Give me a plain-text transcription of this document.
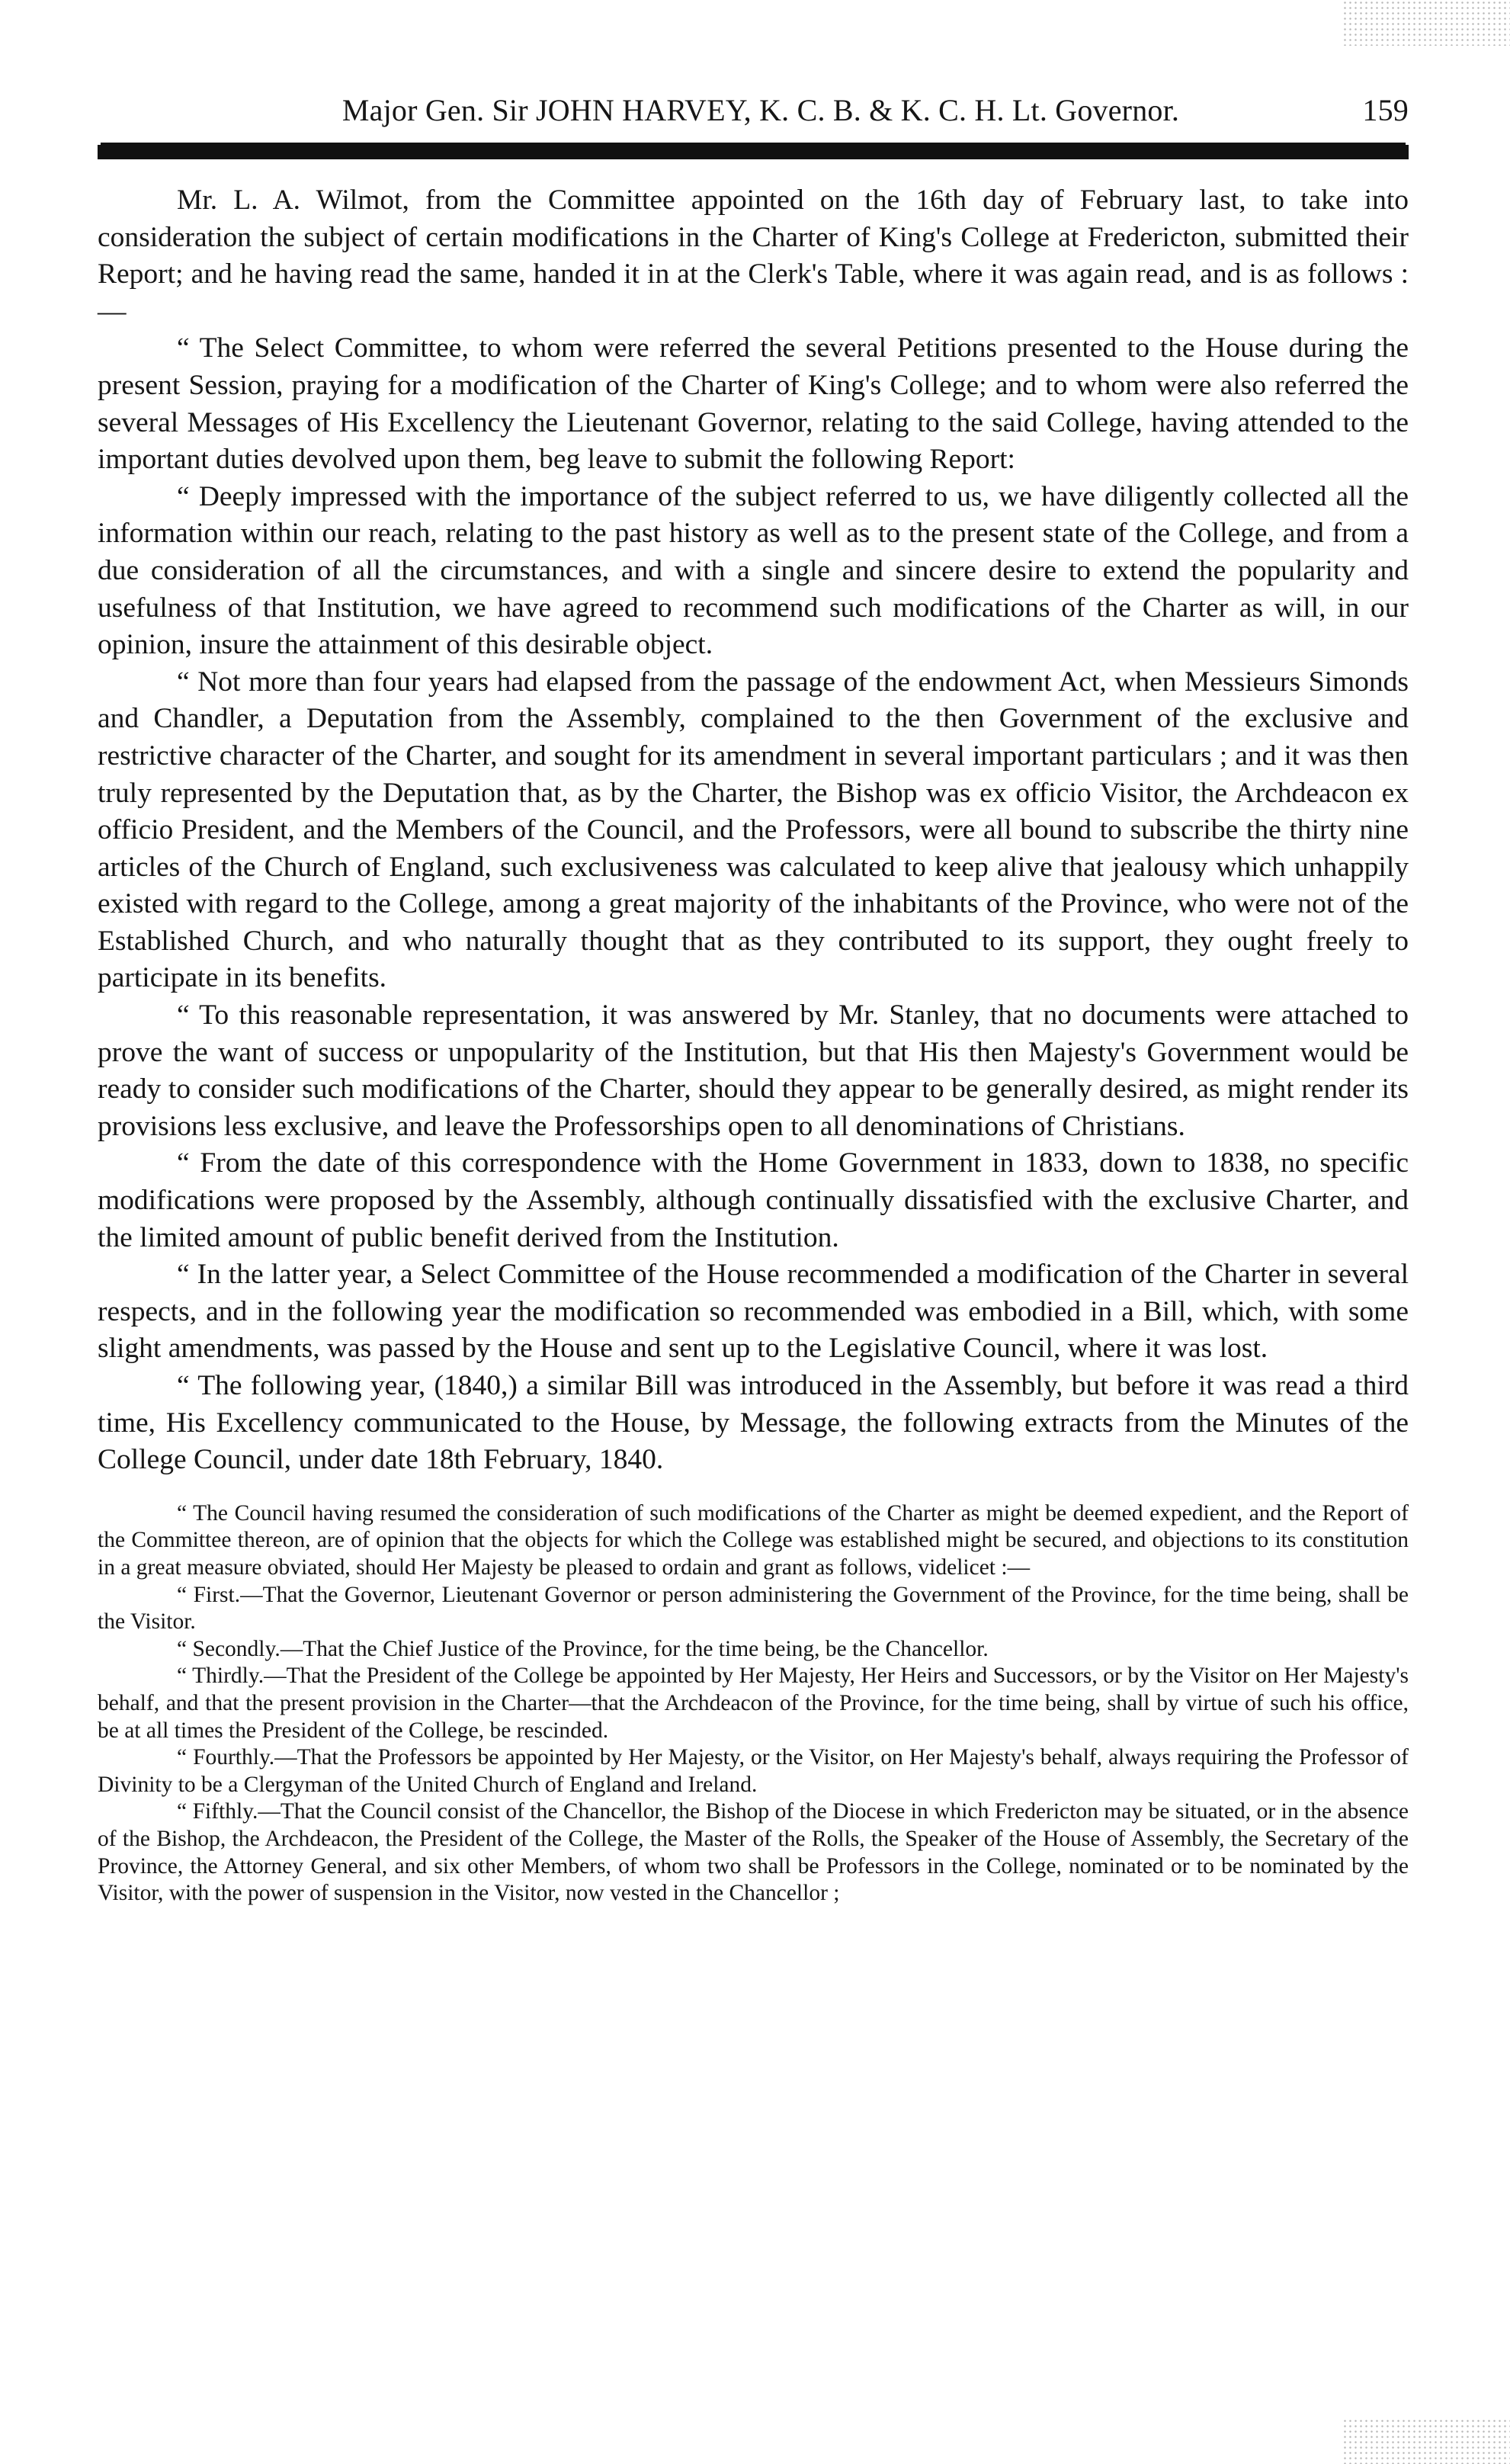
Major Gen. Sir JOHN HARVEY, K. C. B. & K. C. H. Lt. Governor.	159

Mr. L. A. Wilmot, from the Committee appointed on the 16th day of February last, to take into consideration the subject of certain modifications in the Charter of King's College at Fredericton, submitted their Report; and he having read the same, handed it in at the Clerk's Table, where it was again read, and is as follows :—

“ The Select Committee, to whom were referred the several Petitions presented to the House during the present Session, praying for a modification of the Charter of King's College; and to whom were also referred the several Messages of His Excellency the Lieutenant Governor, relating to the said College, having attended to the important duties devolved upon them, beg leave to submit the following Report:

“ Deeply impressed with the importance of the subject referred to us, we have diligently collected all the information within our reach, relating to the past history as well as to the present state of the College, and from a due consideration of all the circumstances, and with a single and sincere desire to extend the popularity and usefulness of that Institution, we have agreed to recommend such modifications of the Charter as will, in our opinion, insure the attainment of this desirable object.

“ Not more than four years had elapsed from the passage of the endowment Act, when Messieurs Simonds and Chandler, a Deputation from the Assembly, complained to the then Government of the exclusive and restrictive character of the Charter, and sought for its amendment in several important particulars ; and it was then truly represented by the Deputation that, as by the Charter, the Bishop was ex officio Visitor, the Archdeacon ex officio President, and the Members of the Council, and the Professors, were all bound to subscribe the thirty nine articles of the Church of England, such exclusiveness was calculated to keep alive that jealousy which unhappily existed with regard to the College, among a great majority of the inhabitants of the Province, who were not of the Established Church, and who naturally thought that as they contributed to its support, they ought freely to participate in its benefits.

“ To this reasonable representation, it was answered by Mr. Stanley, that no documents were attached to prove the want of success or unpopularity of the Institution, but that His then Majesty's Government would be ready to consider such modifications of the Charter, should they appear to be generally desired, as might render its provisions less exclusive, and leave the Professorships open to all denominations of Christians.

“ From the date of this correspondence with the Home Government in 1833, down to 1838, no specific modifications were proposed by the Assembly, although continually dissatisfied with the exclusive Charter, and the limited amount of public benefit derived from the Institution.

“ In the latter year, a Select Committee of the House recommended a modification of the Charter in several respects, and in the following year the modification so recommended was embodied in a Bill, which, with some slight amendments, was passed by the House and sent up to the Legislative Council, where it was lost.

“ The following year, (1840,) a similar Bill was introduced in the Assembly, but before it was read a third time, His Excellency communicated to the House, by Message, the following extracts from the Minutes of the College Council, under date 18th February, 1840.

“ The Council having resumed the consideration of such modifications of the Charter as might be deemed expedient, and the Report of the Committee thereon, are of opinion that the objects for which the College was established might be secured, and objections to its constitution in a great measure obviated, should Her Majesty be pleased to ordain and grant as follows, videlicet :—

“ First.—That the Governor, Lieutenant Governor or person administering the Government of the Province, for the time being, shall be the Visitor.

“ Secondly.—That the Chief Justice of the Province, for the time being, be the Chancellor.

“ Thirdly.—That the President of the College be appointed by Her Majesty, Her Heirs and Successors, or by the Visitor on Her Majesty's behalf, and that the present provision in the Charter—that the Archdeacon of the Province, for the time being, shall by virtue of such his office, be at all times the President of the College, be rescinded.

“ Fourthly.—That the Professors be appointed by Her Majesty, or the Visitor, on Her Majesty's behalf, always requiring the Professor of Divinity to be a Clergyman of the United Church of England and Ireland.

“ Fifthly.—That the Council consist of the Chancellor, the Bishop of the Diocese in which Fredericton may be situated, or in the absence of the Bishop, the Archdeacon, the President of the College, the Master of the Rolls, the Speaker of the House of Assembly, the Secretary of the Province, the Attorney General, and six other Members, of whom two shall be Professors in the College, nominated or to be nominated by the Visitor, with the power of suspension in the Visitor, now vested in the Chancellor ;
